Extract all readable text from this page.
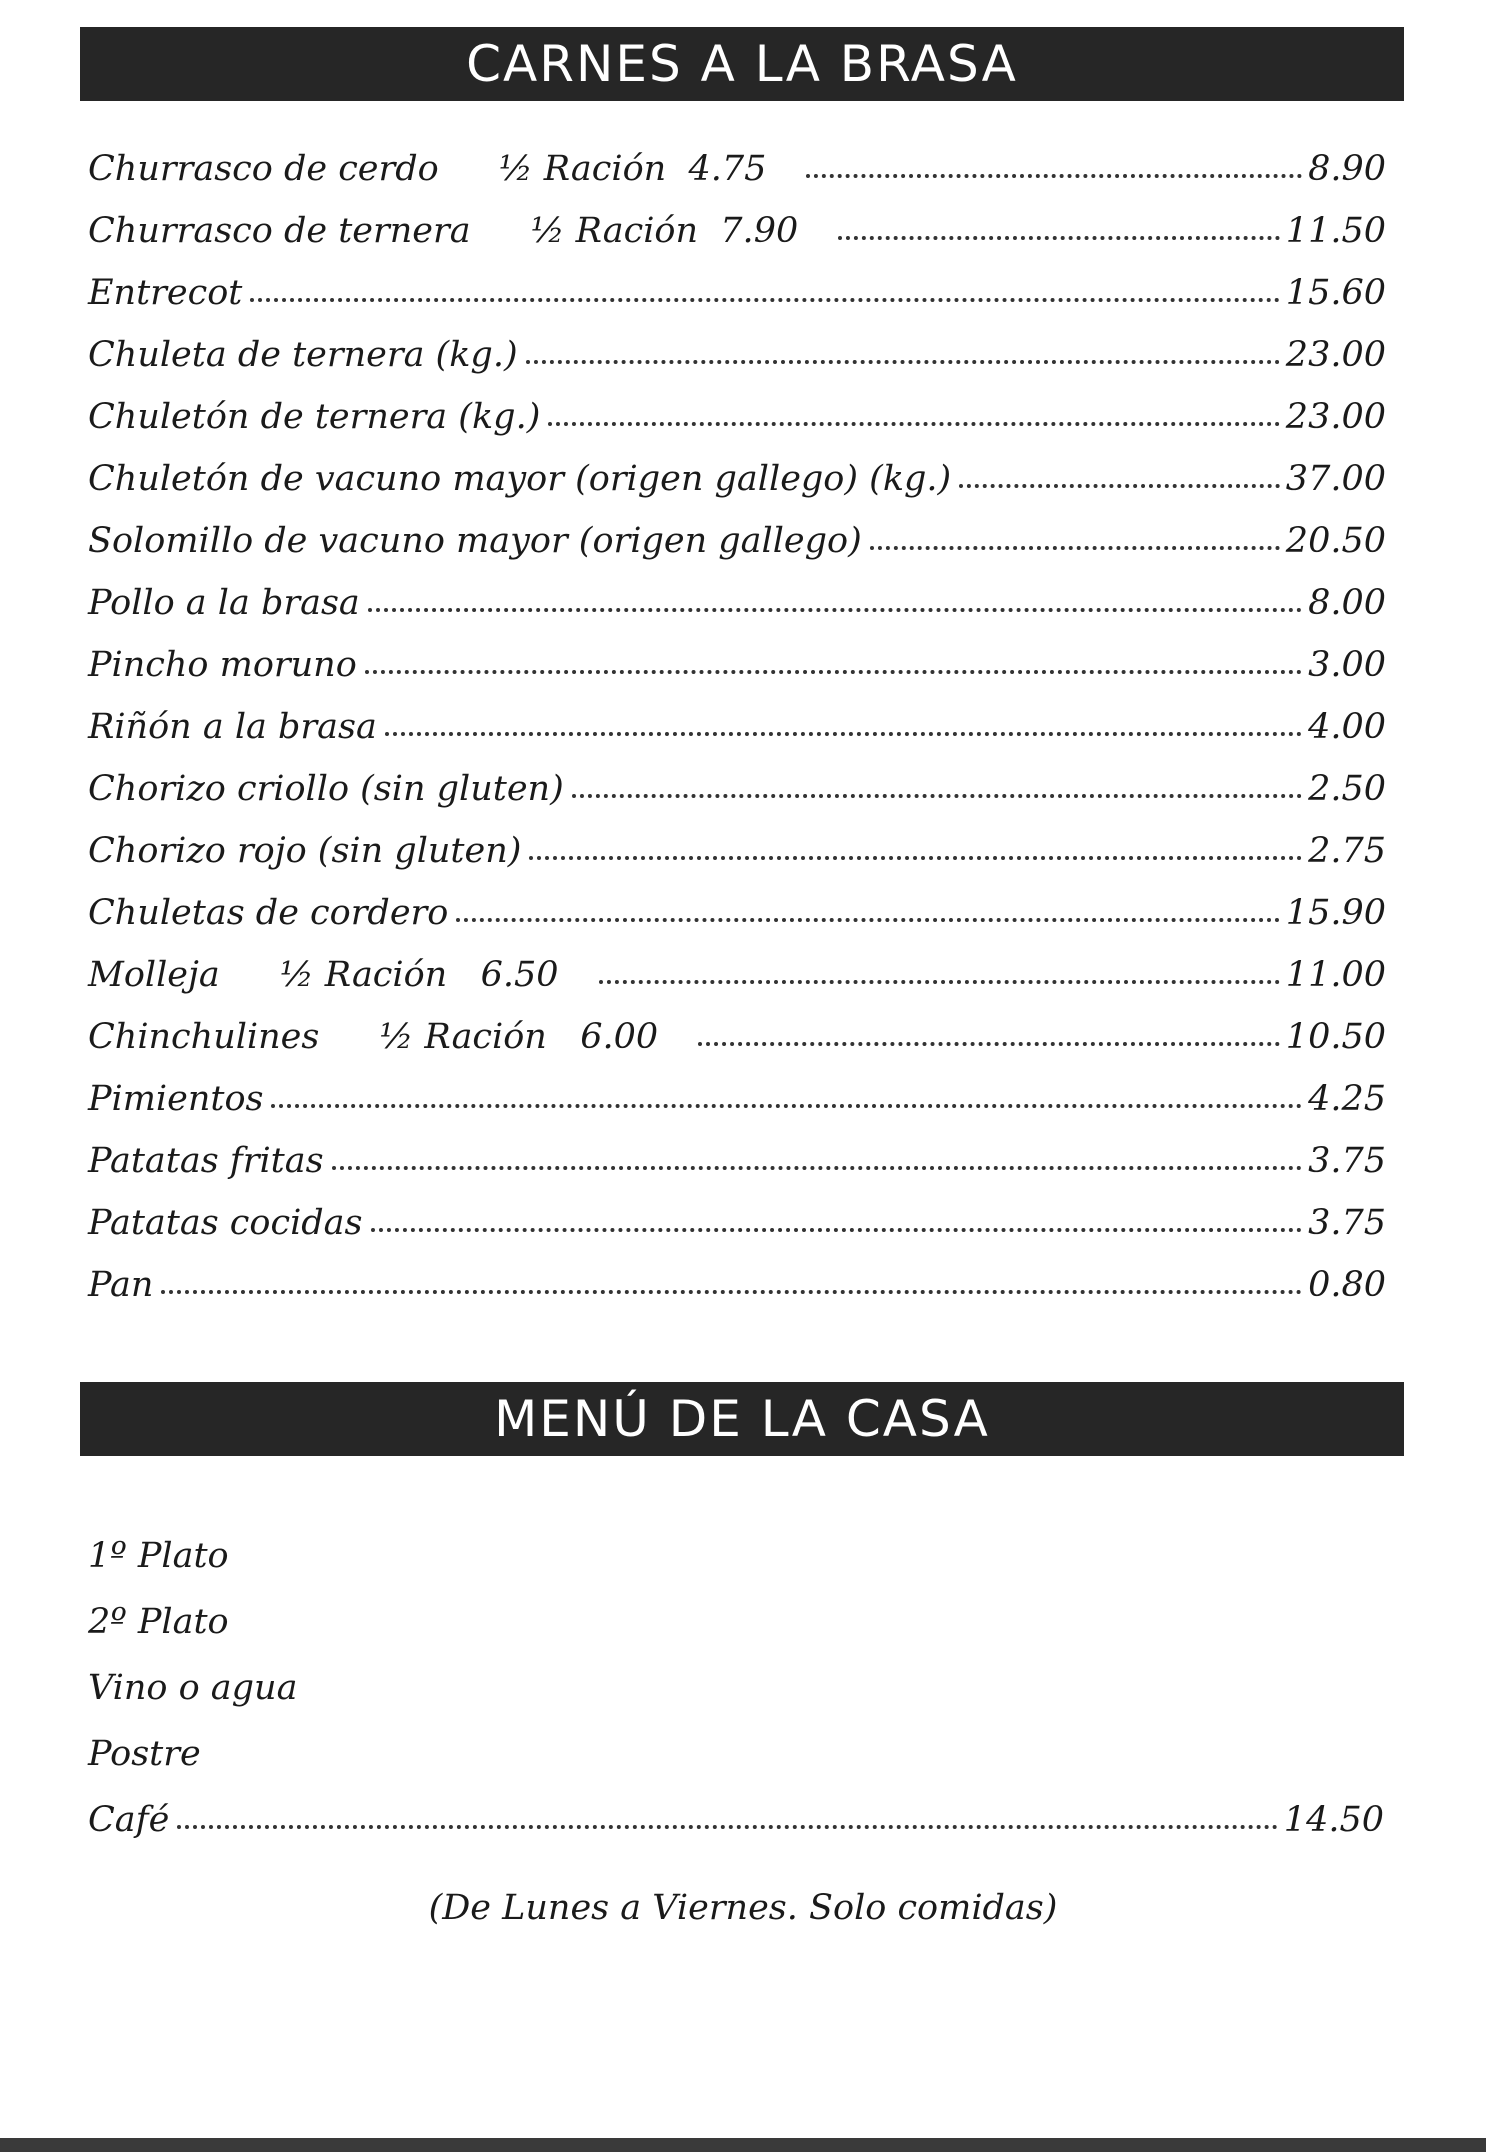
CARNES A LA BRASA
Churrasco de cerdo ½ Ración  4.75	8.90
Churrasco de ternera ½ Ración  7.90	11.50
Entrecot	15.60
Chuleta de ternera (kg.)	23.00
Chuletón de ternera (kg.)	23.00
Chuletón de vacuno mayor (origen gallego) (kg.)	37.00
Solomillo de vacuno mayor (origen gallego)	20.50
Pollo a la brasa	8.00
Pincho moruno	3.00
Riñón a la brasa	4.00
Chorizo criollo (sin gluten)	2.50
Chorizo rojo (sin gluten)	2.75
Chuletas de cordero	15.90
Molleja ½ Ración   6.50	11.00
Chinchulines ½ Ración   6.00	10.50
Pimientos	4.25
Patatas fritas	3.75
Patatas cocidas	3.75
Pan	0.80
MENÚ DE LA CASA
1º Plato
2º Plato
Vino o agua
Postre
Café	14.50
(De Lunes a Viernes. Solo comidas)
